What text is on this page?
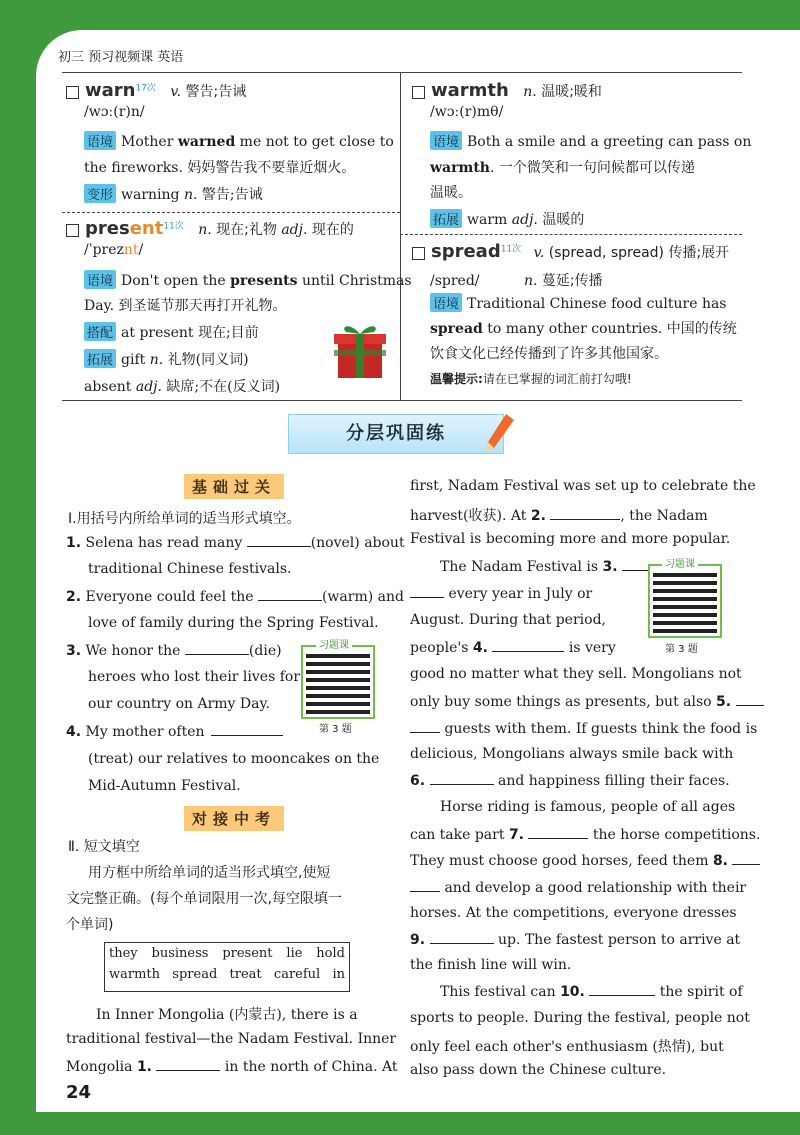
初三 预习视频课 英语
warn$^{17次}$ v. 警告;告诫
/wɔː(r)n/
语境 Mother warned me not to get close to
the fireworks. 妈妈警告我不要靠近烟火。
变形 warning n. 警告;告诫
present$^{11次}$ n. 现在;礼物 adj. 现在的
/ˈpreznt/
语境 Don't open the presents until Christmas
Day. 到圣诞节那天再打开礼物。
搭配 at present 现在;目前
拓展 gift n. 礼物(同义词)
absent adj. 缺席;不在(反义词)
warmth n. 温暖;暖和
/wɔː(r)mθ/
语境 Both a smile and a greeting can pass on
warmth. 一个微笑和一句问候都可以传递
温暖。
拓展 warm adj. 温暖的
spread$^{11次}$ v. (spread, spread) 传播;展开
/spred/	n. 蔓延;传播
语境 Traditional Chinese food culture has
spread to many other countries. 中国的传统
饮食文化已经传播到了许多其他国家。
温馨提示:请在已掌握的词汇前打勾哦!
分层巩固练
基础过关
Ⅰ.用括号内所给单词的适当形式填空。
1. Selena has read many	(novel) about
traditional Chinese festivals.
2. Everyone could feel the	(warm) and
love of family during the Spring Festival.
3. We honor the	(die)
heroes who lost their lives for
our country on Army Day.
习题课
第 3 题
4. My mother often
(treat) our relatives to mooncakes on the
Mid-Autumn Festival.
对接中考
Ⅱ. 短文填空
用方框中所给单词的适当形式填空,使短
文完整正确。(每个单词限用一次,每空限填一
个单词)
they business present lie hold
warmth spread treat careful in
In Inner Mongolia (内蒙古), there is a
traditional festival—the Nadam Festival. Inner
Mongolia 1.	in the north of China. At
first, Nadam Festival was set up to celebrate the
harvest(收获). At 2.	, the Nadam
Festival is becoming more and more popular.
The Nadam Festival is 3.
every year in July or
August. During that period,
people's 4.	is very
习题课
第 3 题
good no matter what they sell. Mongolians not
only buy some things as presents, but also 5.
guests with them. If guests think the food is
delicious, Mongolians always smile back with
6.	and happiness filling their faces.
Horse riding is famous, people of all ages
can take part 7.	the horse competitions.
They must choose good horses, feed them 8.
and develop a good relationship with their
horses. At the competitions, everyone dresses
9.	up. The fastest person to arrive at
the finish line will win.
This festival can 10.	the spirit of
sports to people. During the festival, people not
only feel each other's enthusiasm (热情), but
also pass down the Chinese culture.
24
